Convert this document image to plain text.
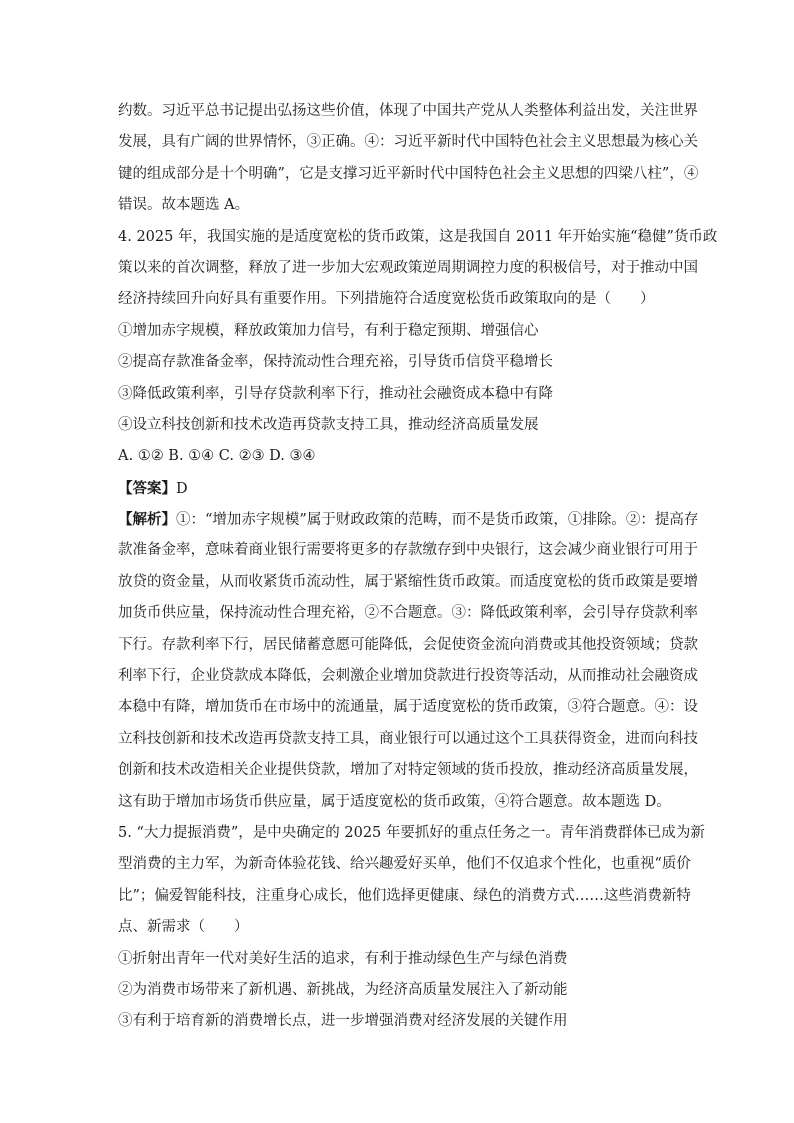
约数。习近平总书记提出弘扬这些价值，体现了中国共产党从人类整体利益出发，关注世界
发展，具有广阔的世界情怀，③正确。④：习近平新时代中国特色社会主义思想最为核心关
键的组成部分是十个明确”，它是支撑习近平新时代中国特色社会主义思想的四梁八柱”，④
错误。故本题选 A。
4. 2025 年，我国实施的是适度宽松的货币政策，这是我国自 2011 年开始实施“稳健”货币政
策以来的首次调整，释放了进一步加大宏观政策逆周期调控力度的积极信号，对于推动中国
经济持续回升向好具有重要作用。下列措施符合适度宽松货币政策取向的是（　　）
①增加赤字规模，释放政策加力信号，有利于稳定预期、增强信心
②提高存款准备金率，保持流动性合理充裕，引导货币信贷平稳增长
③降低政策利率，引导存贷款利率下行，推动社会融资成本稳中有降
④设立科技创新和技术改造再贷款支持工具，推动经济高质量发展
A. ①② B. ①④ C. ②③ D. ③④
【答案】D
【解析】①：“增加赤字规模”属于财政政策的范畴，而不是货币政策，①排除。②：提高存
款准备金率，意味着商业银行需要将更多的存款缴存到中央银行，这会减少商业银行可用于
放贷的资金量，从而收紧货币流动性，属于紧缩性货币政策。而适度宽松的货币政策是要增
加货币供应量，保持流动性合理充裕，②不合题意。③：降低政策利率，会引导存贷款利率
下行。存款利率下行，居民储蓄意愿可能降低，会促使资金流向消费或其他投资领域；贷款
利率下行，企业贷款成本降低，会刺激企业增加贷款进行投资等活动，从而推动社会融资成
本稳中有降，增加货币在市场中的流通量，属于适度宽松的货币政策，③符合题意。④：设
立科技创新和技术改造再贷款支持工具，商业银行可以通过这个工具获得资金，进而向科技
创新和技术改造相关企业提供贷款，增加了对特定领域的货币投放，推动经济高质量发展，
这有助于增加市场货币供应量，属于适度宽松的货币政策，④符合题意。故本题选 D。
5. “大力提振消费”，是中央确定的 2025 年要抓好的重点任务之一。青年消费群体已成为新
型消费的主力军，为新奇体验花钱、给兴趣爱好买单，他们不仅追求个性化，也重视“质价
比”；偏爱智能科技，注重身心成长，他们选择更健康、绿色的消费方式……这些消费新特
点、新需求（　　）
①折射出青年一代对美好生活的追求，有利于推动绿色生产与绿色消费
②为消费市场带来了新机遇、新挑战，为经济高质量发展注入了新动能
③有利于培育新的消费增长点，进一步增强消费对经济发展的关键作用
